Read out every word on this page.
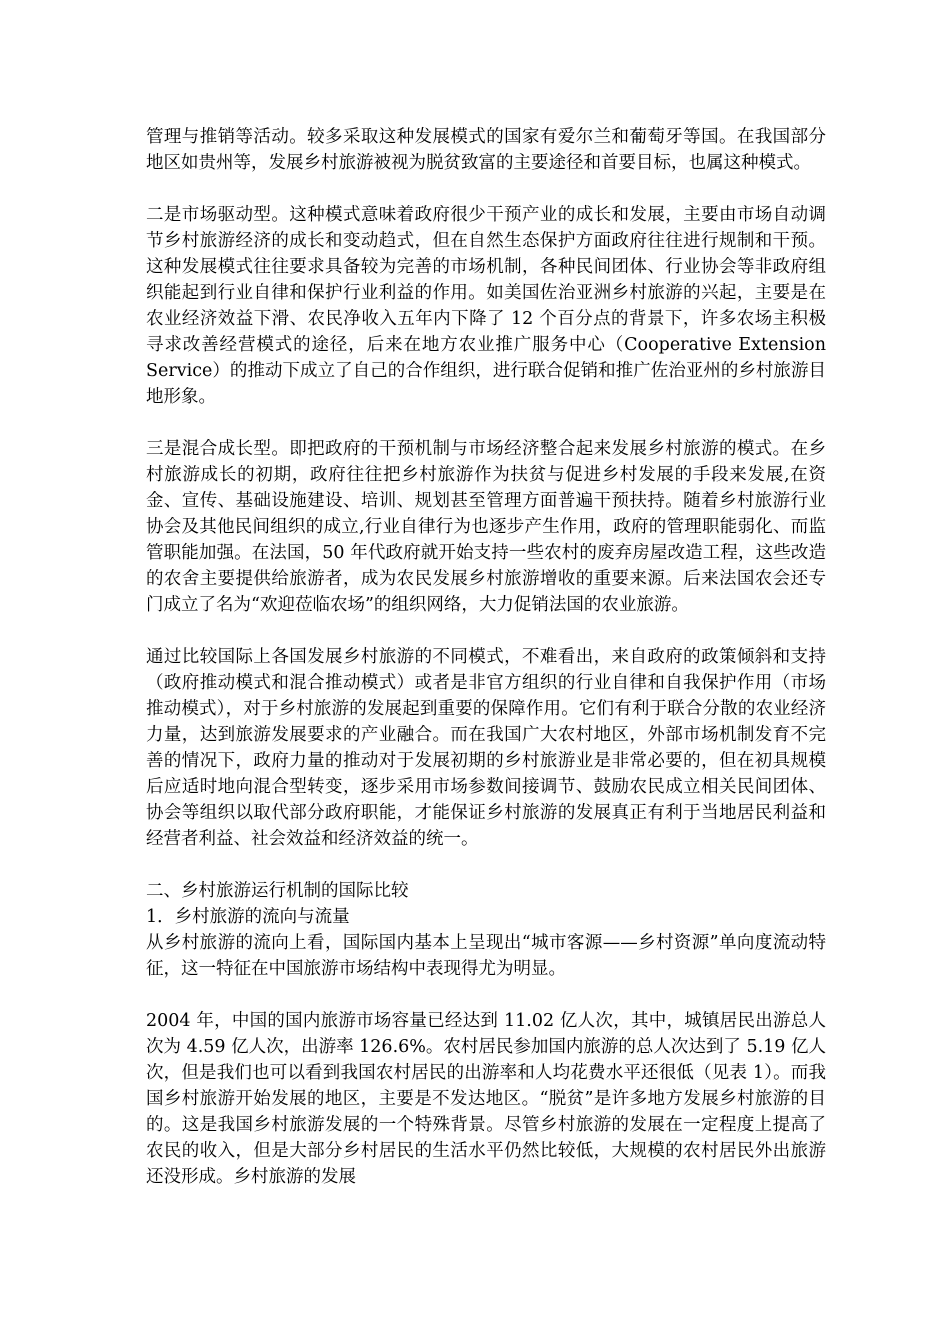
管理与推销等活动。较多采取这种发展模式的国家有爱尔兰和葡萄牙等国。在我国部分地区如贵州等，发展乡村旅游被视为脱贫致富的主要途径和首要目标，也属这种模式。

二是市场驱动型。这种模式意味着政府很少干预产业的成长和发展，主要由市场自动调节乡村旅游经济的成长和变动趋式，但在自然生态保护方面政府往往进行规制和干预。这种发展模式往往要求具备较为完善的市场机制，各种民间团体、行业协会等非政府组织能起到行业自律和保护行业利益的作用。如美国佐治亚洲乡村旅游的兴起，主要是在农业经济效益下滑、农民净收入五年内下降了 12 个百分点的背景下，许多农场主积极寻求改善经营模式的途径，后来在地方农业推广服务中心（Cooperative Extension Service）的推动下成立了自己的合作组织，进行联合促销和推广佐治亚州的乡村旅游目地形象。

三是混合成长型。即把政府的干预机制与市场经济整合起来发展乡村旅游的模式。在乡村旅游成长的初期，政府往往把乡村旅游作为扶贫与促进乡村发展的手段来发展,在资金、宣传、基础设施建设、培训、规划甚至管理方面普遍干预扶持。随着乡村旅游行业协会及其他民间组织的成立,行业自律行为也逐步产生作用，政府的管理职能弱化、而监管职能加强。在法国，50 年代政府就开始支持一些农村的废弃房屋改造工程，这些改造的农舍主要提供给旅游者，成为农民发展乡村旅游增收的重要来源。后来法国农会还专门成立了名为“欢迎莅临农场”的组织网络，大力促销法国的农业旅游。

通过比较国际上各国发展乡村旅游的不同模式，不难看出，来自政府的政策倾斜和支持（政府推动模式和混合推动模式）或者是非官方组织的行业自律和自我保护作用（市场推动模式），对于乡村旅游的发展起到重要的保障作用。它们有利于联合分散的农业经济力量，达到旅游发展要求的产业融合。而在我国广大农村地区，外部市场机制发育不完善的情况下，政府力量的推动对于发展初期的乡村旅游业是非常必要的，但在初具规模后应适时地向混合型转变，逐步采用市场参数间接调节、鼓励农民成立相关民间团体、协会等组织以取代部分政府职能，才能保证乡村旅游的发展真正有利于当地居民利益和经营者利益、社会效益和经济效益的统一。

二、乡村旅游运行机制的国际比较

1．乡村旅游的流向与流量

从乡村旅游的流向上看，国际国内基本上呈现出“城市客源——乡村资源”单向度流动特征，这一特征在中国旅游市场结构中表现得尤为明显。

2004 年，中国的国内旅游市场容量已经达到 11.02 亿人次，其中，城镇居民出游总人次为 4.59 亿人次，出游率 126.6%。农村居民参加国内旅游的总人次达到了 5.19 亿人次，但是我们也可以看到我国农村居民的出游率和人均花费水平还很低（见表 1）。而我国乡村旅游开始发展的地区，主要是不发达地区。“脱贫”是许多地方发展乡村旅游的目的。这是我国乡村旅游发展的一个特殊背景。尽管乡村旅游的发展在一定程度上提高了农民的收入，但是大部分乡村居民的生活水平仍然比较低，大规模的农村居民外出旅游还没形成。乡村旅游的发展
